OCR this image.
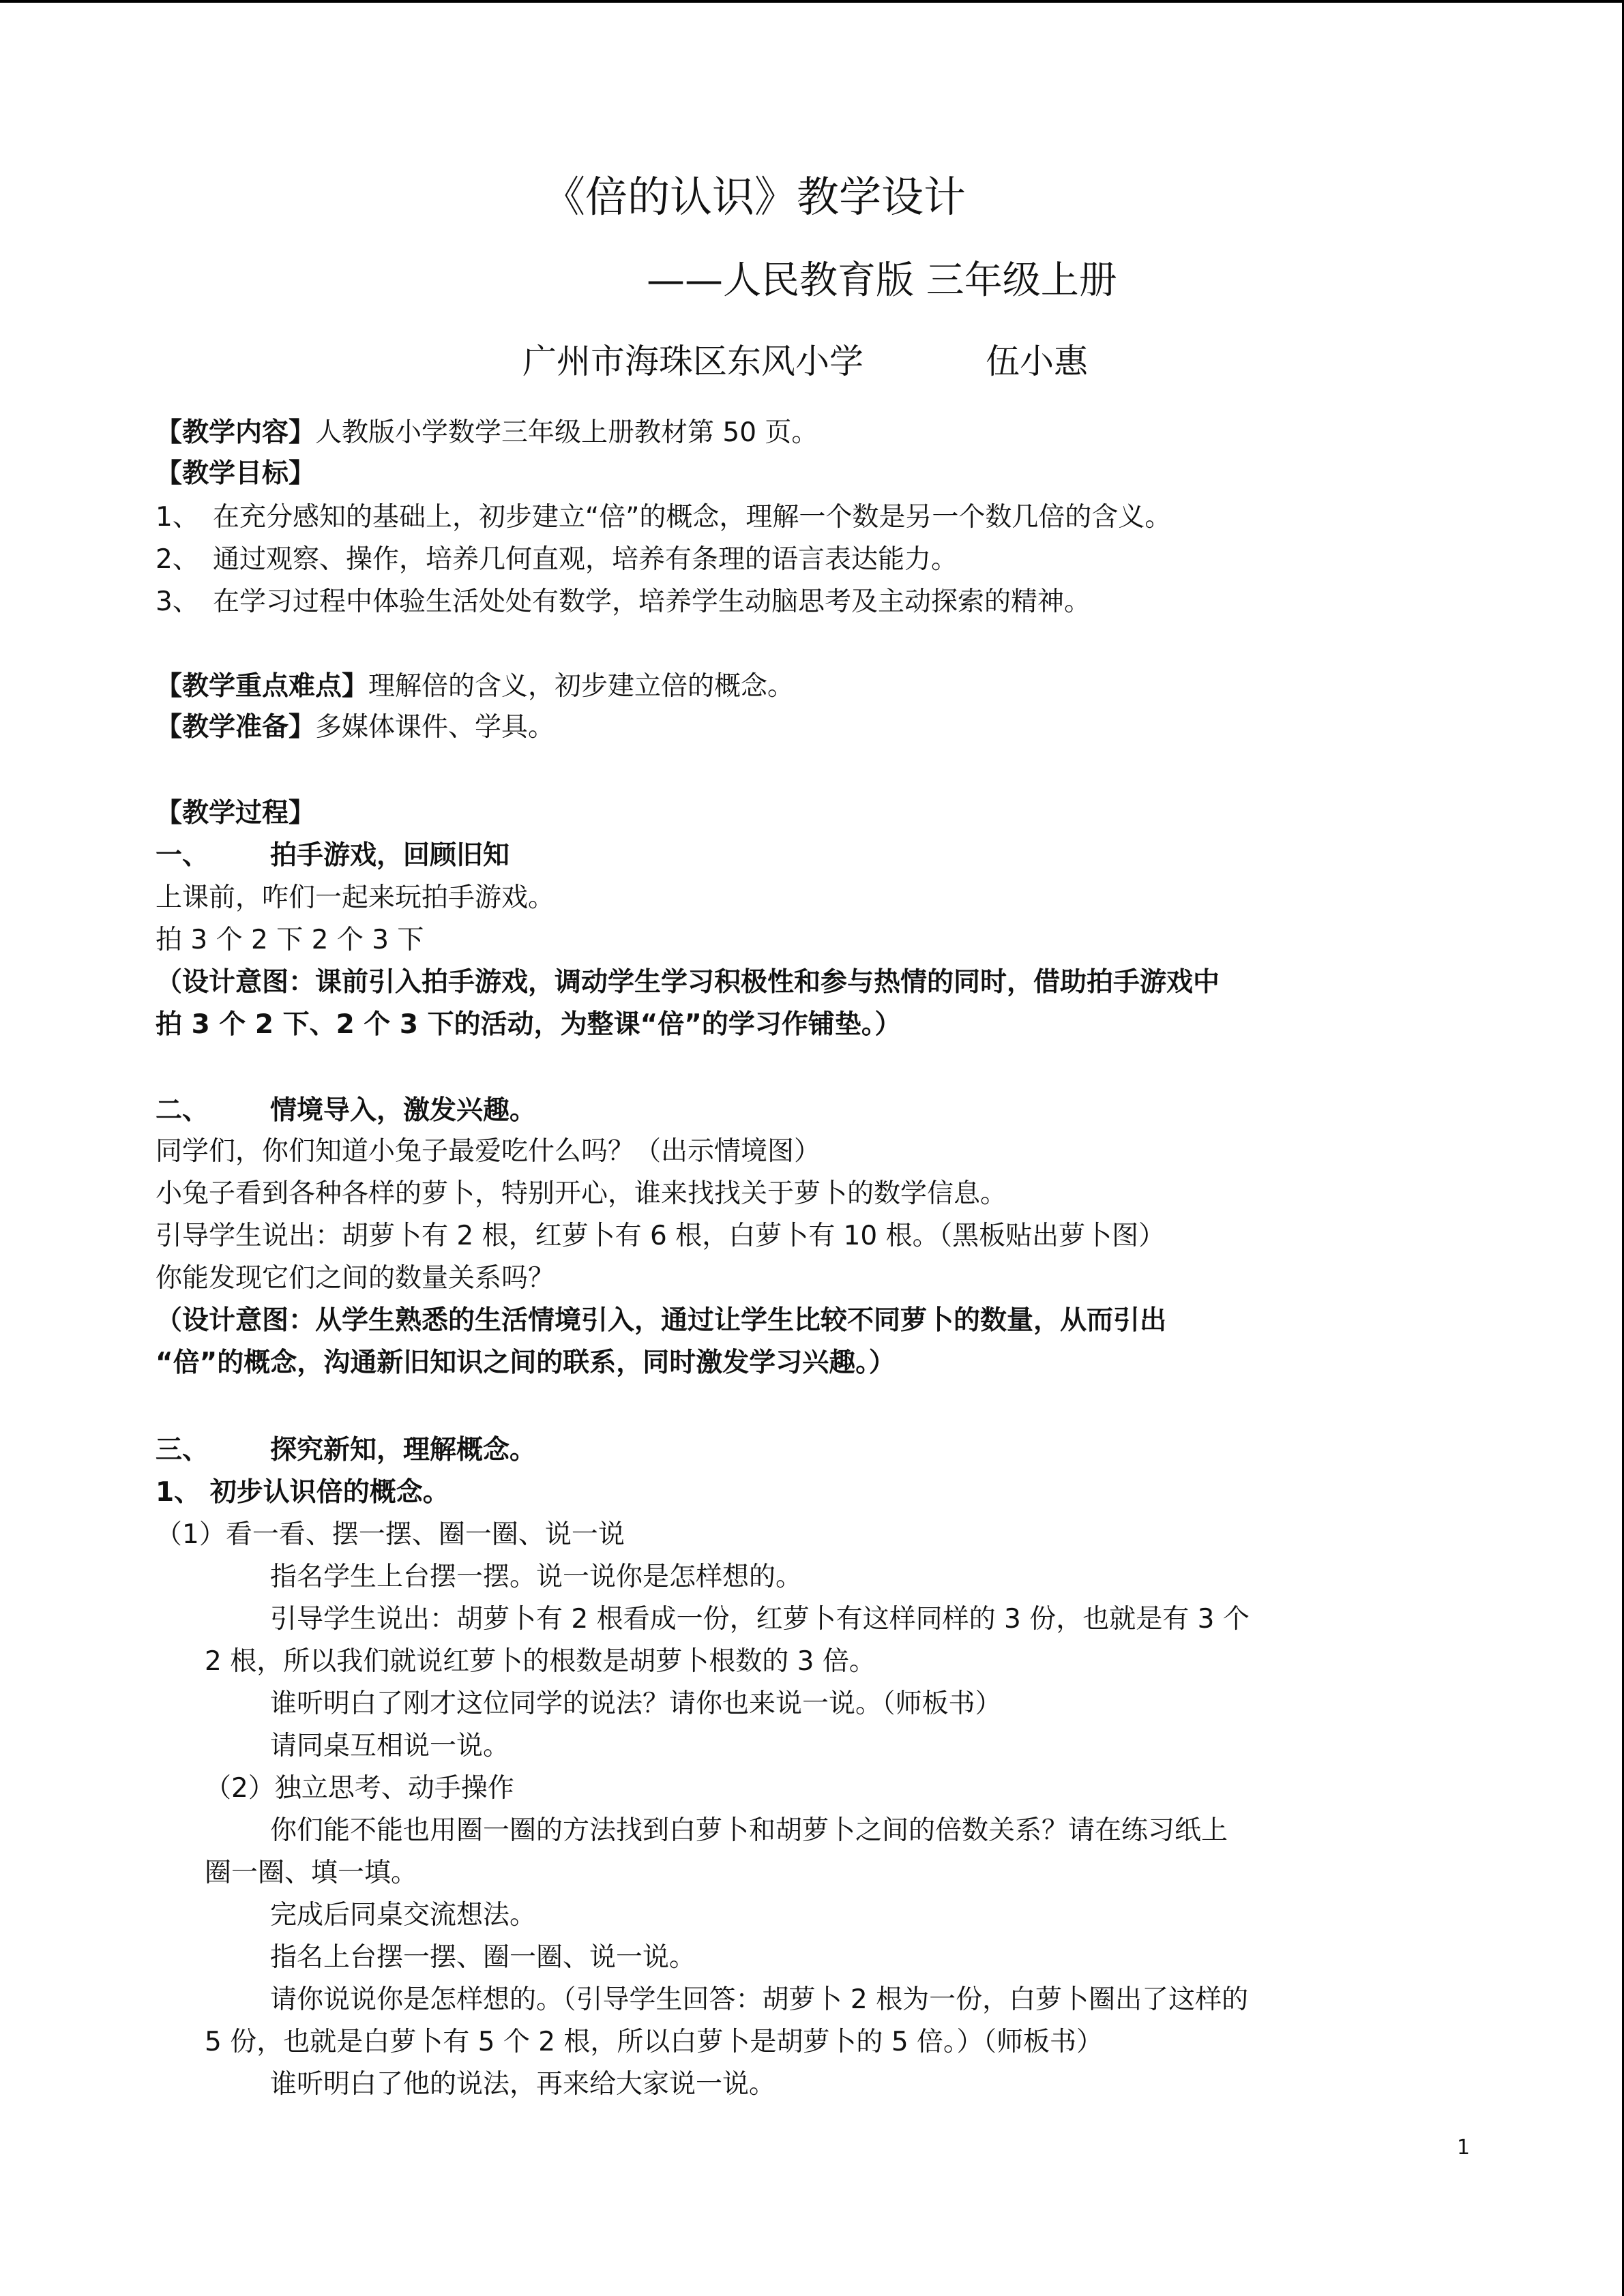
《倍的认识》教学设计
——人民教育版 三年级上册
广州市海珠区东风小学	伍小惠
【教学内容】人教版小学数学三年级上册教材第 50 页。
【教学目标】
1、 在充分感知的基础上，初步建立“倍”的概念，理解一个数是另一个数几倍的含义。
2、 通过观察、操作，培养几何直观，培养有条理的语言表达能力。
3、 在学习过程中体验生活处处有数学，培养学生动脑思考及主动探索的精神。
【教学重点难点】理解倍的含义，初步建立倍的概念。
【教学准备】多媒体课件、学具。
【教学过程】
一、 拍手游戏，回顾旧知
上课前，咋们一起来玩拍手游戏。
拍 3 个 2 下 2 个 3 下
（设计意图：课前引入拍手游戏，调动学生学习积极性和参与热情的同时，借助拍手游戏中
拍 3 个 2 下、2 个 3 下的活动，为整课“倍”的学习作铺垫。）
二、 情境导入，激发兴趣。
同学们，你们知道小兔子最爱吃什么吗？（出示情境图）
小兔子看到各种各样的萝卜，特别开心，谁来找找关于萝卜的数学信息。
引导学生说出：胡萝卜有 2 根，红萝卜有 6 根，白萝卜有 10 根。（黑板贴出萝卜图）
你能发现它们之间的数量关系吗？
（设计意图：从学生熟悉的生活情境引入，通过让学生比较不同萝卜的数量，从而引出
“倍”的概念，沟通新旧知识之间的联系，同时激发学习兴趣。）
三、 探究新知，理解概念。
1、 初步认识倍的概念。
（1）看一看、摆一摆、圈一圈、说一说
指名学生上台摆一摆。说一说你是怎样想的。
引导学生说出：胡萝卜有 2 根看成一份，红萝卜有这样同样的 3 份，也就是有 3 个
2 根，所以我们就说红萝卜的根数是胡萝卜根数的 3 倍。
谁听明白了刚才这位同学的说法？请你也来说一说。（师板书）
请同桌互相说一说。
（2）独立思考、动手操作
你们能不能也用圈一圈的方法找到白萝卜和胡萝卜之间的倍数关系？请在练习纸上
圈一圈、填一填。
完成后同桌交流想法。
指名上台摆一摆、圈一圈、说一说。
请你说说你是怎样想的。（引导学生回答：胡萝卜 2 根为一份，白萝卜圈出了这样的
5 份，也就是白萝卜有 5 个 2 根，所以白萝卜是胡萝卜的 5 倍。）（师板书）
谁听明白了他的说法，再来给大家说一说。
1
